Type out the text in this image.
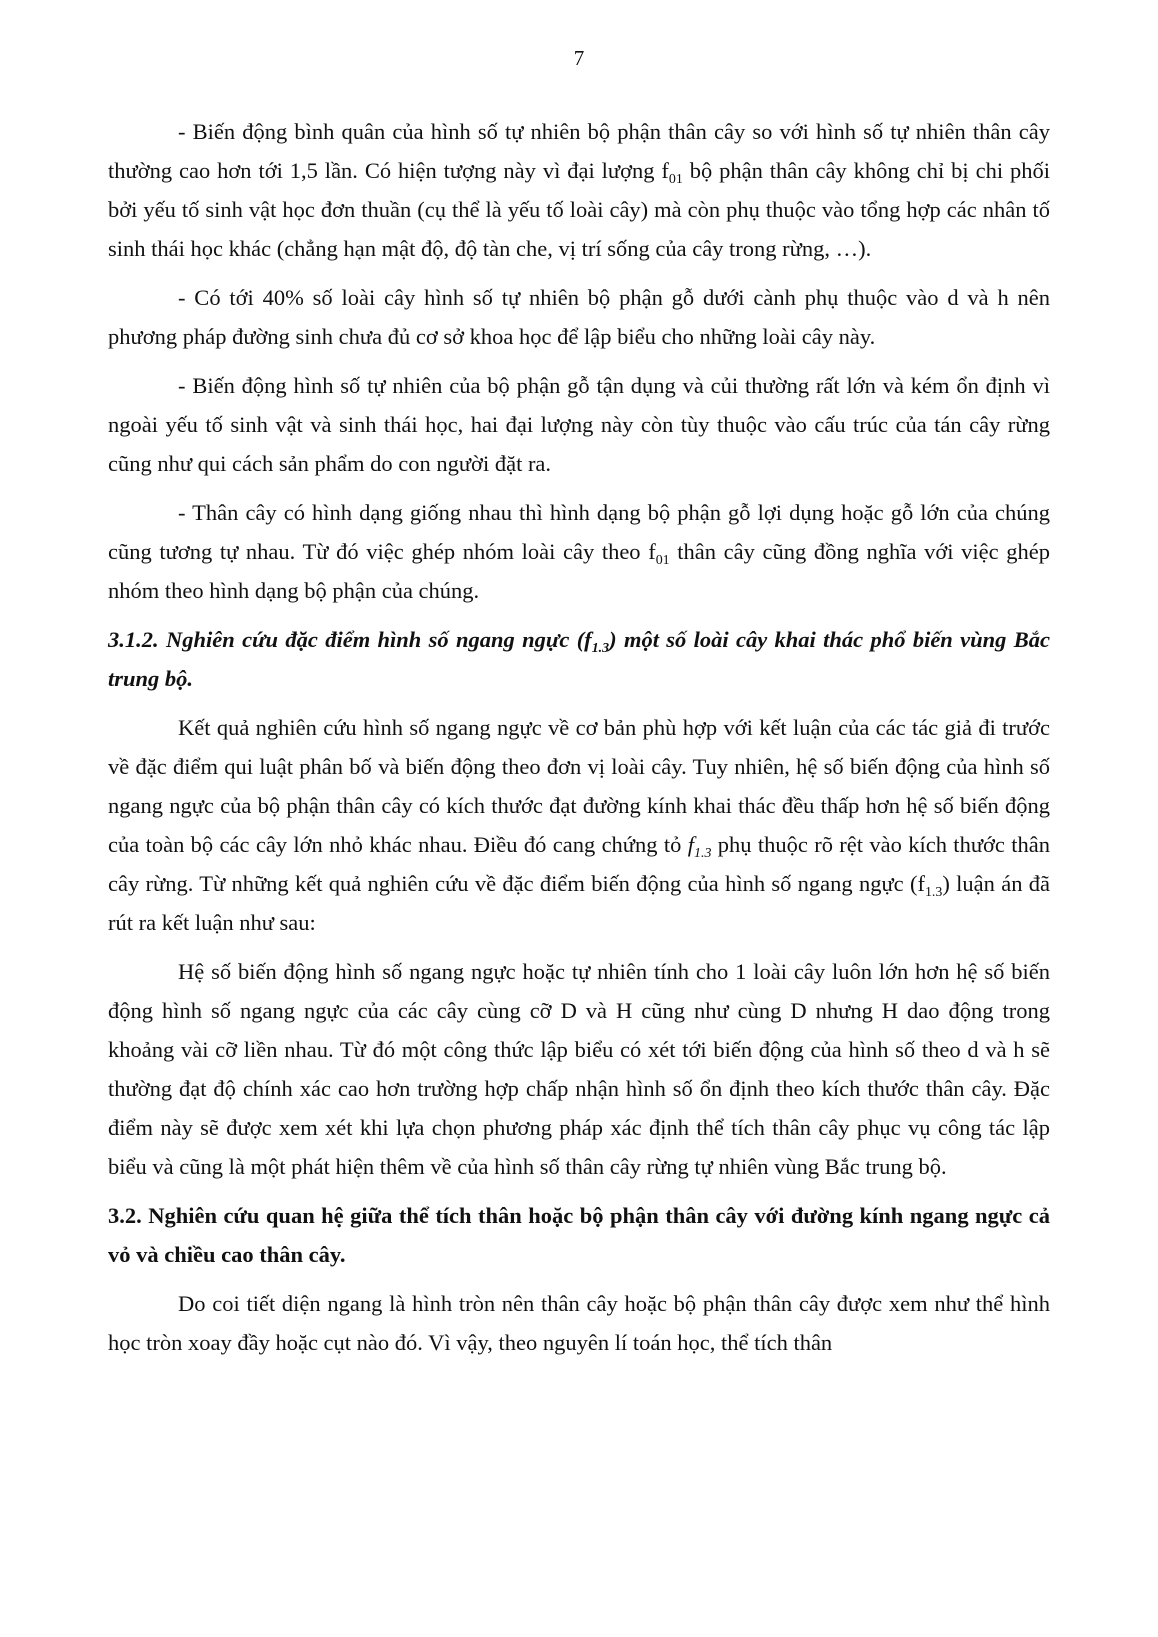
7

- Biến động bình quân của hình số tự nhiên bộ phận thân cây so với hình số tự nhiên thân cây thường cao hơn tới 1,5 lần. Có hiện tượng này vì đại lượng $f_{01}$ bộ phận thân cây không chỉ bị chi phối bởi yếu tố sinh vật học đơn thuần (cụ thể là yếu tố loài cây) mà còn phụ thuộc vào tổng hợp các nhân tố sinh thái học khác (chẳng hạn mật độ, độ tàn che, vị trí sống của cây trong rừng, …).

- Có tới 40% số loài cây hình số tự nhiên bộ phận gỗ dưới cành phụ thuộc vào d và h nên phương pháp đường sinh chưa đủ cơ sở khoa học để lập biểu cho những loài cây này.

- Biến động hình số tự nhiên của bộ phận gỗ tận dụng và củi thường rất lớn và kém ổn định vì ngoài yếu tố sinh vật và sinh thái học, hai đại lượng này còn tùy thuộc vào cấu trúc của tán cây rừng cũng như qui cách sản phẩm do con người đặt ra.

- Thân cây có hình dạng giống nhau thì hình dạng bộ phận gỗ lợi dụng hoặc gỗ lớn của chúng cũng tương tự nhau. Từ đó việc ghép nhóm loài cây theo $f_{01}$ thân cây cũng đồng nghĩa với việc ghép nhóm theo hình dạng bộ phận của chúng.

3.1.2. Nghiên cứu đặc điểm hình số ngang ngực $(f_{1.3})$ một số loài cây khai thác phổ biến vùng Bắc trung bộ.

Kết quả nghiên cứu hình số ngang ngực về cơ bản phù hợp với kết luận của các tác giả đi trước về đặc điểm qui luật phân bố và biến động theo đơn vị loài cây. Tuy nhiên, hệ số biến động của hình số ngang ngực của bộ phận thân cây có kích thước đạt đường kính khai thác đều thấp hơn hệ số biến động của toàn bộ các cây lớn nhỏ khác nhau. Điều đó cang chứng tỏ $f_{1.3}$ phụ thuộc rõ rệt vào kích thước thân cây rừng. Từ những kết quả nghiên cứu về đặc điểm biến động của hình số ngang ngực $(f_{1.3})$ luận án đã rút ra kết luận như sau:

Hệ số biến động hình số ngang ngực hoặc tự nhiên tính cho 1 loài cây luôn lớn hơn hệ số biến động hình số ngang ngực của các cây cùng cỡ D và H cũng như cùng D nhưng H dao động trong khoảng vài cỡ liền nhau. Từ đó một công thức lập biểu có xét tới biến động của hình số theo d và h sẽ thường đạt độ chính xác cao hơn trường hợp chấp nhận hình số ổn định theo kích thước thân cây. Đặc điểm này sẽ được xem xét khi lựa chọn phương pháp xác định thể tích thân cây phục vụ công tác lập biểu và cũng là một phát hiện thêm về của hình số thân cây rừng tự nhiên vùng Bắc trung bộ.

3.2. Nghiên cứu quan hệ giữa thể tích thân hoặc bộ phận thân cây với đường kính ngang ngực cả vỏ và chiều cao thân cây.

Do coi tiết diện ngang là hình tròn nên thân cây hoặc bộ phận thân cây được xem như thể hình học tròn xoay đầy hoặc cụt nào đó. Vì vậy, theo nguyên lí toán học, thể tích thân
